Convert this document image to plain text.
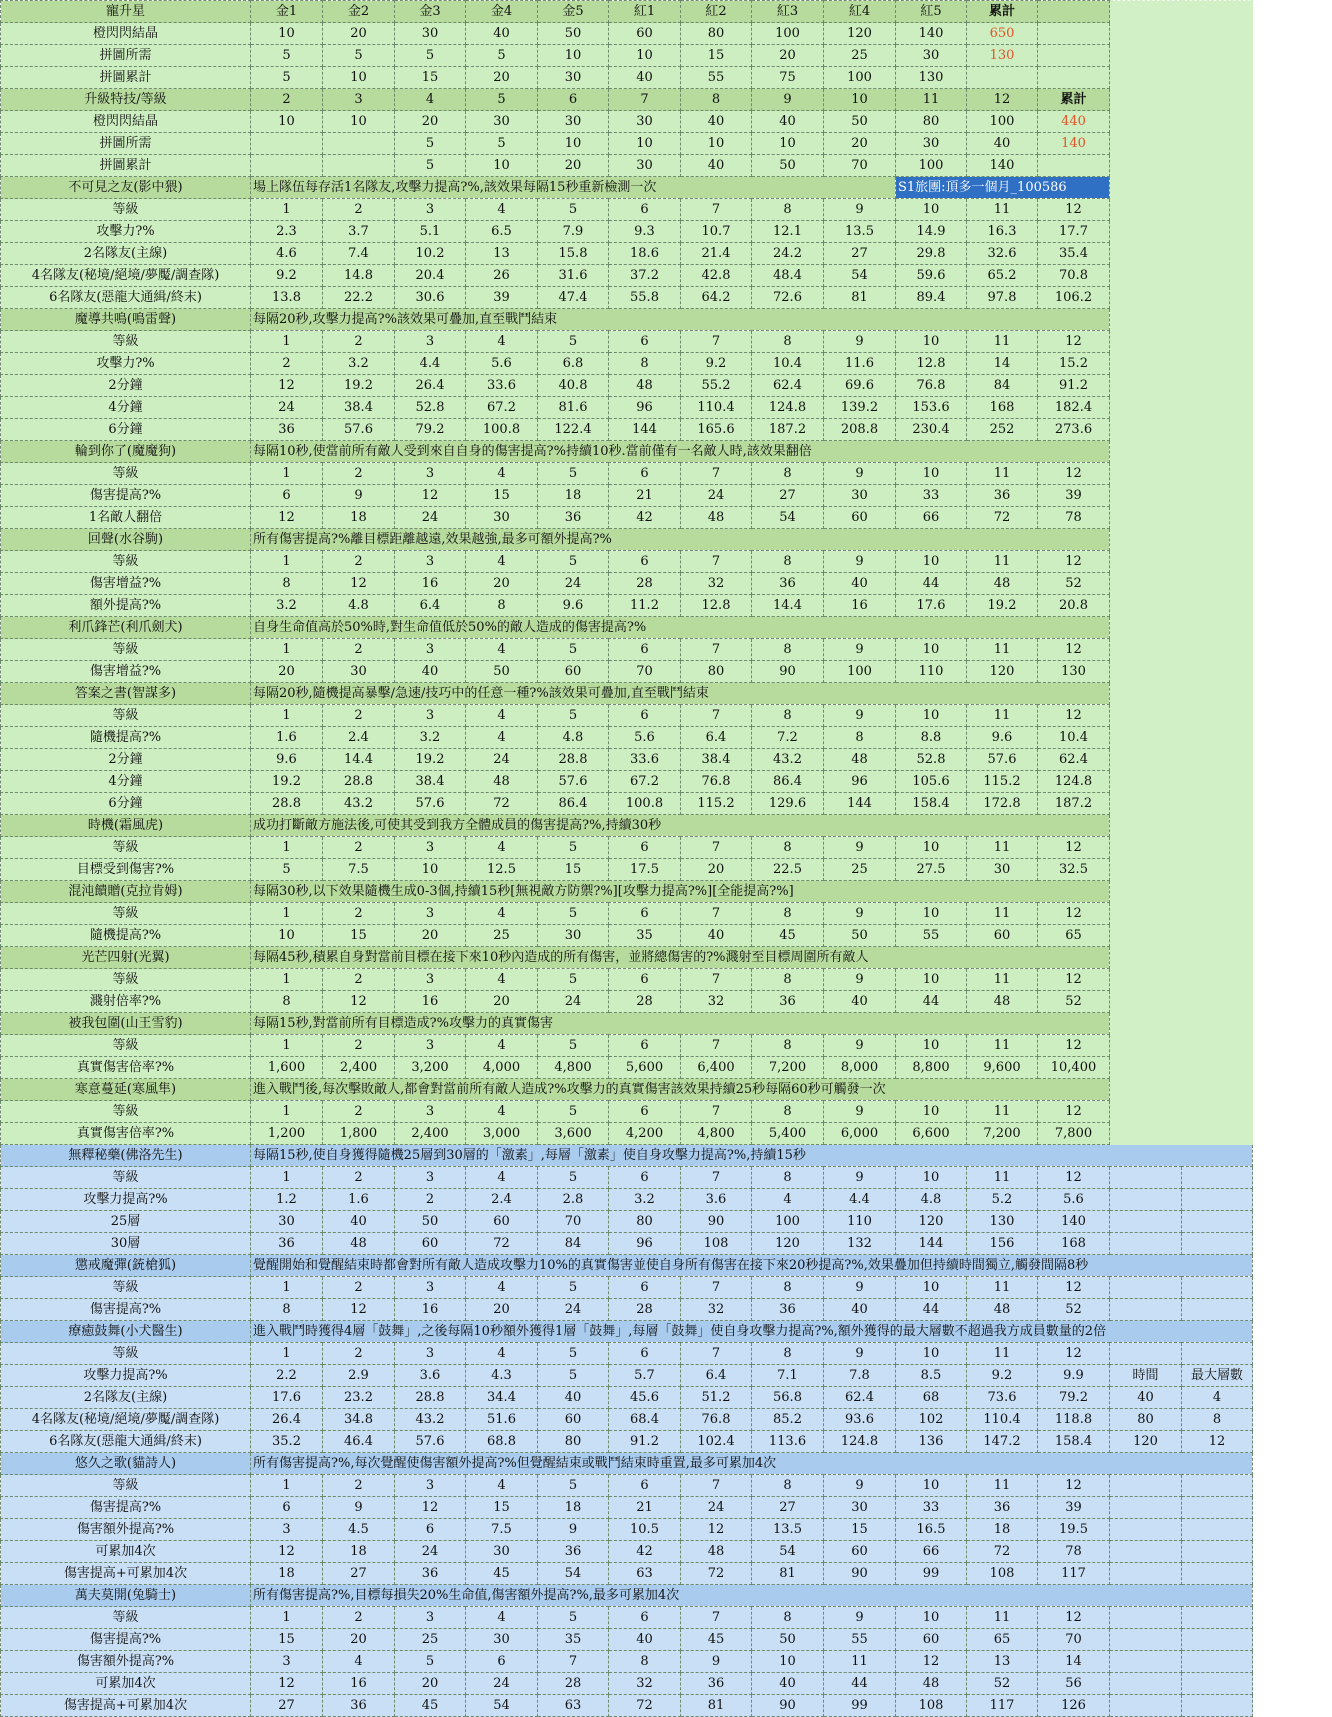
寵升星	金1	金2	金3	金4	金5	紅1	紅2	紅3	紅4	紅5	累計			
橙閃閃結晶	10	20	30	40	50	60	80	100	120	140	650			
拼圖所需	5	5	5	5	10	10	15	20	25	30	130			
拼圖累計	5	10	15	20	30	40	55	75	100	130				
升級特技/等級	2	3	4	5	6	7	8	9	10	11	12	累計		
橙閃閃結晶	10	10	20	30	30	30	40	40	50	80	100	440		
拼圖所需			5	5	10	10	10	10	20	30	40	140		
拼圖累計			5	10	20	30	40	50	70	100	140			
不可見之友(影中猥)	場上隊伍每存活1名隊友,攻擊力提高?%,該效果每隔15秒重新檢測一次									S1旅團:頂多一個月_100586				
等級	1	2	3	4	5	6	7	8	9	10	11	12		
攻擊力?%	2.3	3.7	5.1	6.5	7.9	9.3	10.7	12.1	13.5	14.9	16.3	17.7		
2名隊友(主線)	4.6	7.4	10.2	13	15.8	18.6	21.4	24.2	27	29.8	32.6	35.4		
4名隊友(秘境/絕境/夢魘/調查隊)	9.2	14.8	20.4	26	31.6	37.2	42.8	48.4	54	59.6	65.2	70.8		
6名隊友(惡龍大通緝/終末)	13.8	22.2	30.6	39	47.4	55.8	64.2	72.6	81	89.4	97.8	106.2		
魔導共鳴(鳴雷聲)	每隔20秒,攻擊力提高?%該效果可疊加,直至戰鬥結束													
等級	1	2	3	4	5	6	7	8	9	10	11	12		
攻擊力?%	2	3.2	4.4	5.6	6.8	8	9.2	10.4	11.6	12.8	14	15.2		
2分鐘	12	19.2	26.4	33.6	40.8	48	55.2	62.4	69.6	76.8	84	91.2		
4分鐘	24	38.4	52.8	67.2	81.6	96	110.4	124.8	139.2	153.6	168	182.4		
6分鐘	36	57.6	79.2	100.8	122.4	144	165.6	187.2	208.8	230.4	252	273.6		
輪到你了(魔魔狗)	每隔10秒,使當前所有敵人受到來自自身的傷害提高?%持續10秒.當前僅有一名敵人時,該效果翻倍													
等級	1	2	3	4	5	6	7	8	9	10	11	12		
傷害提高?%	6	9	12	15	18	21	24	27	30	33	36	39		
1名敵人翻倍	12	18	24	30	36	42	48	54	60	66	72	78		
回聲(水谷駒)	所有傷害提高?%離目標距離越遠,效果越強,最多可額外提高?%													
等級	1	2	3	4	5	6	7	8	9	10	11	12		
傷害增益?%	8	12	16	20	24	28	32	36	40	44	48	52		
額外提高?%	3.2	4.8	6.4	8	9.6	11.2	12.8	14.4	16	17.6	19.2	20.8		
利爪鋒芒(利爪劍犬)	自身生命值高於50%時,對生命值低於50%的敵人造成的傷害提高?%													
等級	1	2	3	4	5	6	7	8	9	10	11	12		
傷害增益?%	20	30	40	50	60	70	80	90	100	110	120	130		
答案之書(智謀多)	每隔20秒,隨機提高暴擊/急速/技巧中的任意一種?%該效果可疊加,直至戰鬥結束													
等級	1	2	3	4	5	6	7	8	9	10	11	12		
隨機提高?%	1.6	2.4	3.2	4	4.8	5.6	6.4	7.2	8	8.8	9.6	10.4		
2分鐘	9.6	14.4	19.2	24	28.8	33.6	38.4	43.2	48	52.8	57.6	62.4		
4分鐘	19.2	28.8	38.4	48	57.6	67.2	76.8	86.4	96	105.6	115.2	124.8		
6分鐘	28.8	43.2	57.6	72	86.4	100.8	115.2	129.6	144	158.4	172.8	187.2		
時機(霜風虎)	成功打斷敵方施法後,可使其受到我方全體成員的傷害提高?%,持續30秒													
等級	1	2	3	4	5	6	7	8	9	10	11	12		
目標受到傷害?%	5	7.5	10	12.5	15	17.5	20	22.5	25	27.5	30	32.5		
混沌饋贈(克拉肯姆)	每隔30秒,以下效果隨機生成0-3個,持續15秒[無視敵方防禦?%][攻擊力提高?%][全能提高?%]													
等級	1	2	3	4	5	6	7	8	9	10	11	12		
隨機提高?%	10	15	20	25	30	35	40	45	50	55	60	65		
光芒四射(光翼)	每隔45秒,積累自身對當前目標在接下來10秒內造成的所有傷害，並將總傷害的?%濺射至目標周圍所有敵人													
等級	1	2	3	4	5	6	7	8	9	10	11	12		
濺射倍率?%	8	12	16	20	24	28	32	36	40	44	48	52		
被我包圍(山王雪豹)	每隔15秒,對當前所有目標造成?%攻擊力的真實傷害													
等級	1	2	3	4	5	6	7	8	9	10	11	12		
真實傷害倍率?%	1,600	2,400	3,200	4,000	4,800	5,600	6,400	7,200	8,000	8,800	9,600	10,400		
寒意蔓延(寒風隼)	進入戰鬥後,每次擊敗敵人,都會對當前所有敵人造成?%攻擊力的真實傷害該效果持續25秒每隔60秒可觸發一次													
等級	1	2	3	4	5	6	7	8	9	10	11	12		
真實傷害倍率?%	1,200	1,800	2,400	3,000	3,600	4,200	4,800	5,400	6,000	6,600	7,200	7,800		
無釋秘藥(佛洛先生)	每隔15秒,使自身獲得隨機25層到30層的「激素」,每層「激素」使自身攻擊力提高?%,持續15秒													
等級	1	2	3	4	5	6	7	8	9	10	11	12		
攻擊力提高?%	1.2	1.6	2	2.4	2.8	3.2	3.6	4	4.4	4.8	5.2	5.6		
25層	30	40	50	60	70	80	90	100	110	120	130	140		
30層	36	48	60	72	84	96	108	120	132	144	156	168		
懲戒魔彈(銃槍狐)	覺醒開始和覺醒結束時都會對所有敵人造成攻擊力10%的真實傷害並使自身所有傷害在接下來20秒提高?%,效果疊加但持續時間獨立,觸發間隔8秒													
等級	1	2	3	4	5	6	7	8	9	10	11	12		
傷害提高?%	8	12	16	20	24	28	32	36	40	44	48	52		
療癒鼓舞(小犬醫生)	進入戰鬥時獲得4層「鼓舞」,之後每隔10秒額外獲得1層「鼓舞」,每層「鼓舞」使自身攻擊力提高?%,額外獲得的最大層數不超過我方成員數量的2倍													
等級	1	2	3	4	5	6	7	8	9	10	11	12		
攻擊力提高?%	2.2	2.9	3.6	4.3	5	5.7	6.4	7.1	7.8	8.5	9.2	9.9	時間	最大層數
2名隊友(主線)	17.6	23.2	28.8	34.4	40	45.6	51.2	56.8	62.4	68	73.6	79.2	40	4
4名隊友(秘境/絕境/夢魘/調查隊)	26.4	34.8	43.2	51.6	60	68.4	76.8	85.2	93.6	102	110.4	118.8	80	8
6名隊友(惡龍大通緝/終末)	35.2	46.4	57.6	68.8	80	91.2	102.4	113.6	124.8	136	147.2	158.4	120	12
悠久之歌(貓詩人)	所有傷害提高?%,每次覺醒使傷害額外提高?%但覺醒結束或戰鬥結束時重置,最多可累加4次													
等級	1	2	3	4	5	6	7	8	9	10	11	12		
傷害提高?%	6	9	12	15	18	21	24	27	30	33	36	39		
傷害額外提高?%	3	4.5	6	7.5	9	10.5	12	13.5	15	16.5	18	19.5		
可累加4次	12	18	24	30	36	42	48	54	60	66	72	78		
傷害提高+可累加4次	18	27	36	45	54	63	72	81	90	99	108	117		
萬夫莫開(兔騎士)	所有傷害提高?%,目標每損失20%生命值,傷害額外提高?%,最多可累加4次													
等級	1	2	3	4	5	6	7	8	9	10	11	12		
傷害提高?%	15	20	25	30	35	40	45	50	55	60	65	70		
傷害額外提高?%	3	4	5	6	7	8	9	10	11	12	13	14		
可累加4次	12	16	20	24	28	32	36	40	44	48	52	56		
傷害提高+可累加4次	27	36	45	54	63	72	81	90	99	108	117	126		
